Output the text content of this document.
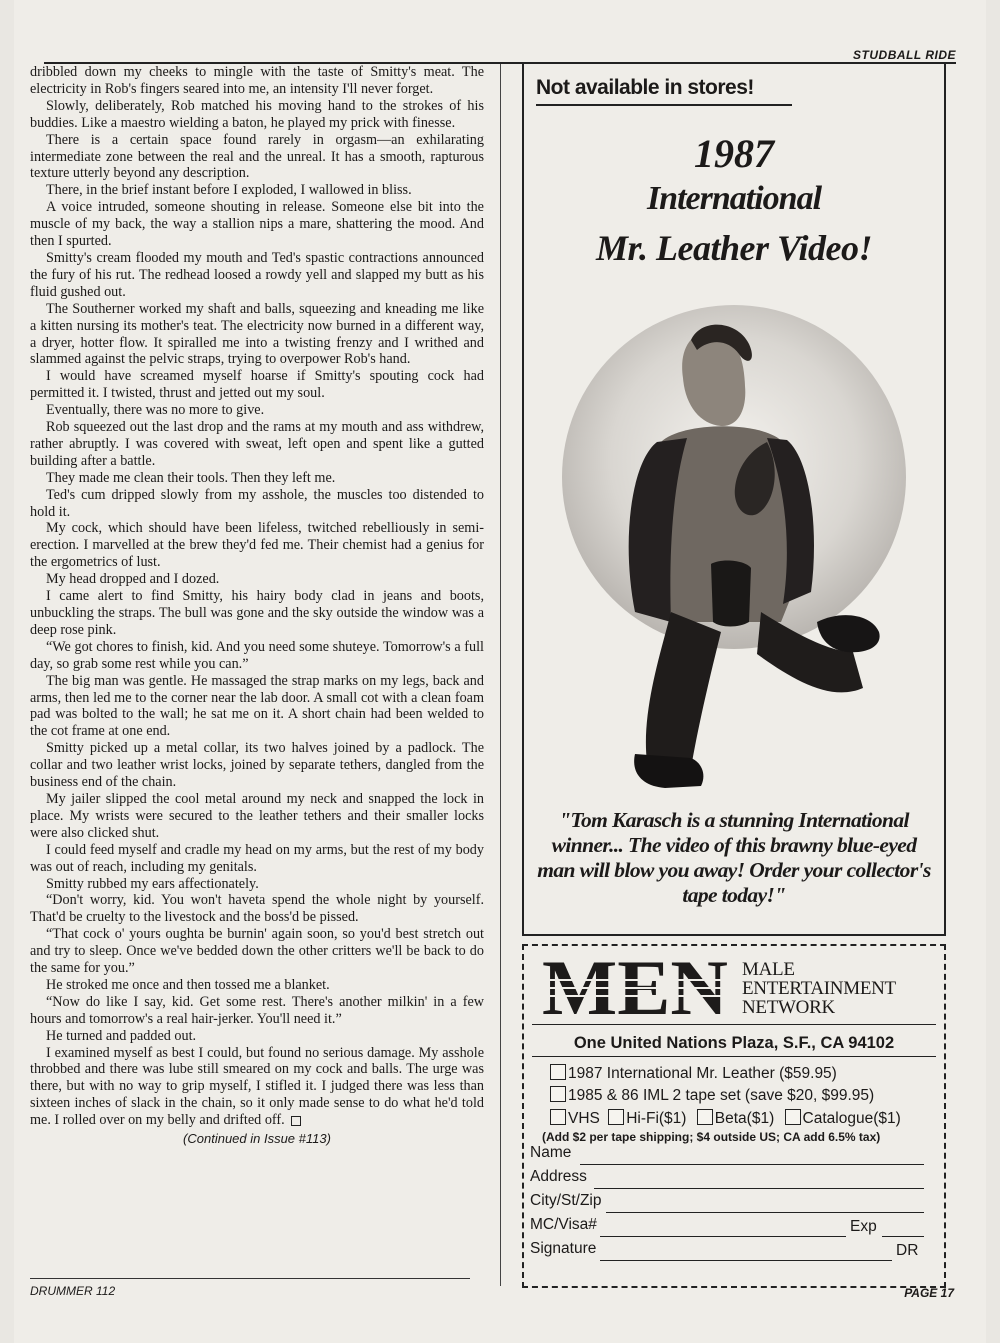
STUDBALL RIDE

dribbled down my cheeks to mingle with the taste of Smitty's meat. The electricity in Rob's fingers seared into me, an intensity I'll never forget.

Slowly, deliberately, Rob matched his moving hand to the strokes of his buddies. Like a maestro wielding a baton, he played my prick with finesse.

There is a certain space found rarely in orgasm—an exhilarating intermediate zone between the real and the unreal. It has a smooth, rapturous texture utterly beyond any description.

There, in the brief instant before I exploded, I wallowed in bliss.

A voice intruded, someone shouting in release. Someone else bit into the muscle of my back, the way a stallion nips a mare, shattering the mood. And then I spurted.

Smitty's cream flooded my mouth and Ted's spastic contractions announced the fury of his rut. The redhead loosed a rowdy yell and slapped my butt as his fluid gushed out.

The Southerner worked my shaft and balls, squeezing and kneading me like a kitten nursing its mother's teat. The electricity now burned in a different way, a dryer, hotter flow. It spiralled me into a twisting frenzy and I writhed and slammed against the pelvic straps, trying to overpower Rob's hand.

I would have screamed myself hoarse if Smitty's spouting cock had permitted it. I twisted, thrust and jetted out my soul.

Eventually, there was no more to give.

Rob squeezed out the last drop and the rams at my mouth and ass withdrew, rather abruptly. I was covered with sweat, left open and spent like a gutted building after a battle.

They made me clean their tools. Then they left me.

Ted's cum dripped slowly from my asshole, the muscles too distended to hold it.

My cock, which should have been lifeless, twitched rebelliously in semi-erection. I marvelled at the brew they'd fed me. Their chemist had a genius for the ergometrics of lust.

My head dropped and I dozed.

I came alert to find Smitty, his hairy body clad in jeans and boots, unbuckling the straps. The bull was gone and the sky outside the window was a deep rose pink.

“We got chores to finish, kid. And you need some shuteye. Tomorrow's a full day, so grab some rest while you can.”

The big man was gentle. He massaged the strap marks on my legs, back and arms, then led me to the corner near the lab door. A small cot with a clean foam pad was bolted to the wall; he sat me on it. A short chain had been welded to the cot frame at one end.

Smitty picked up a metal collar, its two halves joined by a padlock. The collar and two leather wrist locks, joined by separate tethers, dangled from the business end of the chain.

My jailer slipped the cool metal around my neck and snapped the lock in place. My wrists were secured to the leather tethers and their smaller locks were also clicked shut.

I could feed myself and cradle my head on my arms, but the rest of my body was out of reach, including my genitals.

Smitty rubbed my ears affectionately.

“Don't worry, kid. You won't haveta spend the whole night by yourself. That'd be cruelty to the livestock and the boss'd be pissed.

“That cock o' yours oughta be burnin' again soon, so you'd best stretch out and try to sleep. Once we've bedded down the other critters we'll be back to do the same for you.”

He stroked me once and then tossed me a blanket.

“Now do like I say, kid. Get some rest. There's another milkin' in a few hours and tomorrow's a real hair-jerker. You'll need it.”

He turned and padded out.

I examined myself as best I could, but found no serious damage. My asshole throbbed and there was lube still smeared on my cock and balls. The urge was there, but with no way to grip myself, I stifled it. I judged there was less than sixteen inches of slack in the chain, so it only made sense to do what he'd told me. I rolled over on my belly and drifted off.

(Continued in Issue #113)
Not available in stores!
1987
International
Mr. Leather Video!
"Tom Karasch is a stunning International winner... The video of this brawny blue-eyed man will blow you away! Order your collector's tape today!"
MEN MALE
ENTERTAINMENT
NETWORK
One United Nations Plaza, S.F., CA 94102
1987 International Mr. Leather ($59.95)
1985 & 86 IML 2 tape set (save $20, $99.95)
VHS Hi-Fi($1) Beta($1) Catalogue($1)
(Add $2 per tape shipping; $4 outside US; CA add 6.5% tax)
Name
Address
City/St/Zip
MC/Visa#	Exp
Signature	DR
DRUMMER 112	PAGE 17
